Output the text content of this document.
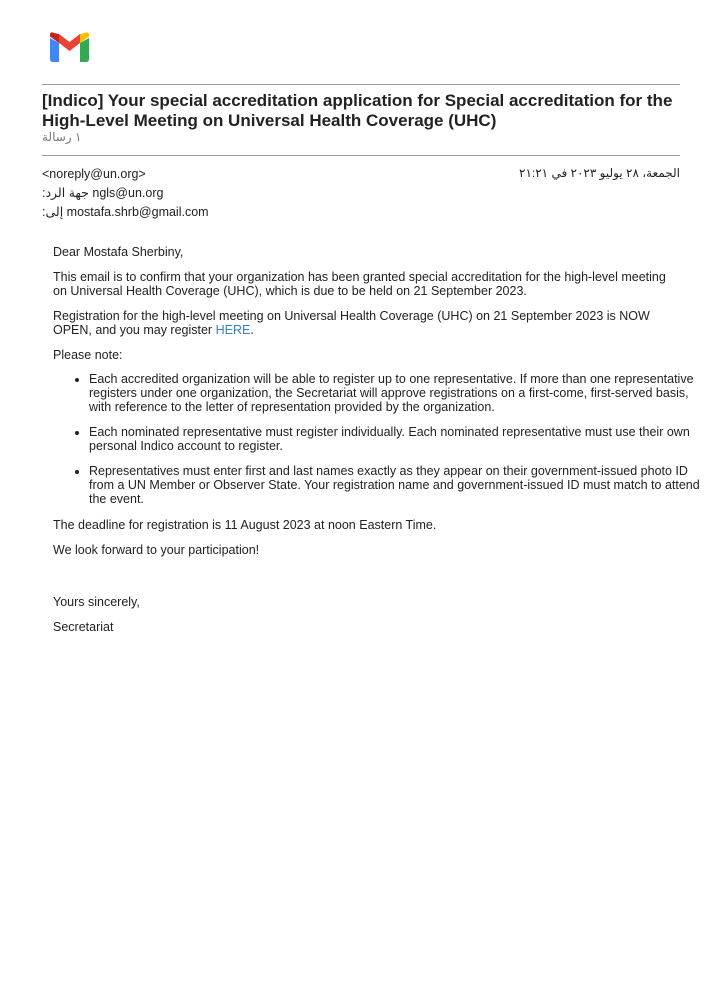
[Indico] Your special accreditation application for Special accreditation for the High-Level Meeting on Universal Health Coverage (UHC)
١ رسالة
<noreply@un.org>	الجمعة، ٢٨ يوليو ٢٠٢٣ في ٢١:٢١
جهة الرد: ngls@un.org
إلى: mostafa.shrb@gmail.com

Dear Mostafa Sherbiny,

This email is to confirm that your organization has been granted special accreditation for the high-level meeting on Universal Health Coverage (UHC), which is due to be held on 21 September 2023.

Registration for the high-level meeting on Universal Health Coverage (UHC) on 21 September 2023 is NOW OPEN, and you may register HERE.

Please note:

• Each accredited organization will be able to register up to one representative. If more than one representative registers under one organization, the Secretariat will approve registrations on a first-come, first-served basis, with reference to the letter of representation provided by the organization.
• Each nominated representative must register individually. Each nominated representative must use their own personal Indico account to register.
• Representatives must enter first and last names exactly as they appear on their government-issued photo ID from a UN Member or Observer State. Your registration name and government-issued ID must match to attend the event.

The deadline for registration is 11 August 2023 at noon Eastern Time.

We look forward to your participation!

Yours sincerely,

Secretariat
